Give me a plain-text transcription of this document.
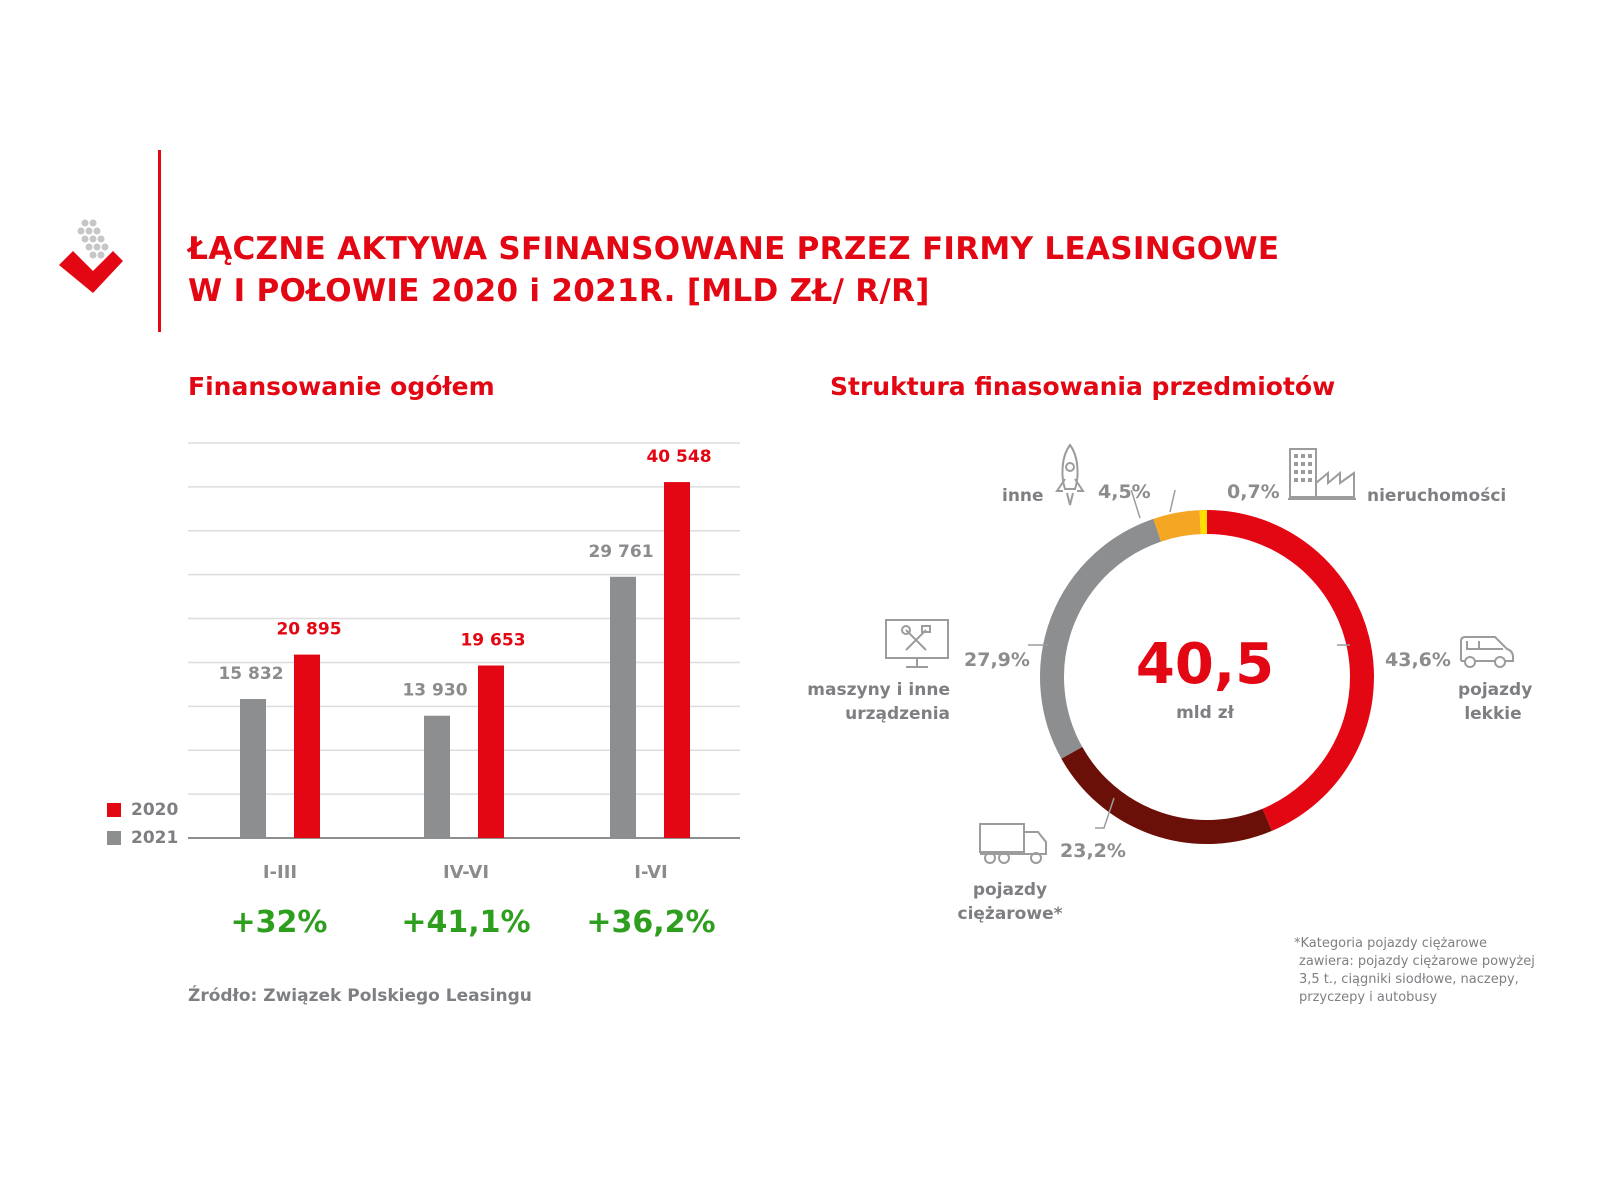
ŁĄCZNE AKTYWA SFINANSOWANE PRZEZ FIRMY LEASINGOWE
W I POŁOWIE 2020 i 2021R. [MLD ZŁ/ R/R]
Finansowanie ogółem
15 832
20 895
13 930
19 653
29 761
40 548
2020
2021
I-III	IV-VI	I-VI
+32%	+41,1%	+36,2%
Źródło: Związek Polskiego Leasingu
Struktura finasowania przedmiotów
40,5
mld zł
43,6%
pojazdy
lekkie
23,2%
pojazdy
ciężarowe*
27,9%
maszyny i inne
urządzenia
4,5%
inne	0,7%	nieruchomości
*Kategoria pojazdy ciężarowe
zawiera: pojazdy ciężarowe powyżej
3,5 t., ciągniki siodłowe, naczepy,
przyczepy i autobusy
